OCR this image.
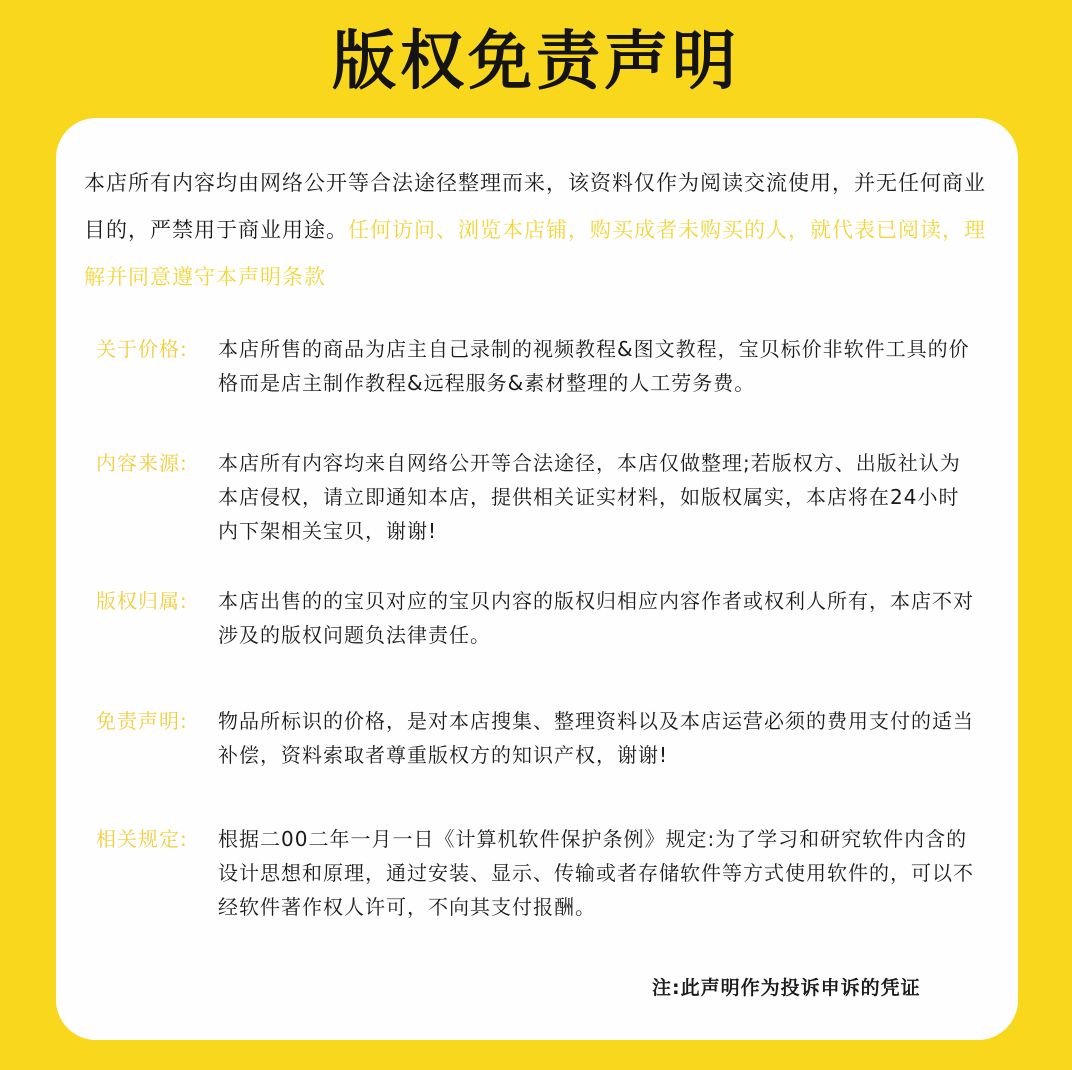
版权免责声明
本店所有内容均由网络公开等合法途径整理而来，该资料仅作为阅读交流使用，并无任何商业目的，严禁用于商业用途。任何访问、浏览本店铺，购买成者未购买的人，就代表已阅读，理解并同意遵守本声明条款
关于价格: 本店所售的商品为店主自己录制的视频教程&图文教程，宝贝标价非软件工具的价格而是店主制作教程&远程服务&素材整理的人工劳务费。
内容来源: 本店所有内容均来自网络公开等合法途径，本店仅做整理;若版权方、出版社认为本店侵权，请立即通知本店，提供相关证实材料，如版权属实，本店将在24小时内下架相关宝贝，谢谢!
版权归属: 本店出售的的宝贝对应的宝贝内容的版权归相应内容作者或权利人所有，本店不对涉及的版权问题负法律责任。
免责声明: 物品所标识的价格，是对本店搜集、整理资料以及本店运营必须的费用支付的适当补偿，资料索取者尊重版权方的知识产权，谢谢!
相关规定: 根据二00二年一月一日《计算机软件保护条例》规定:为了学习和研究软件内含的设计思想和原理，通过安装、显示、传输或者存储软件等方式使用软件的，可以不经软件著作权人许可，不向其支付报酬。
注:此声明作为投诉申诉的凭证
